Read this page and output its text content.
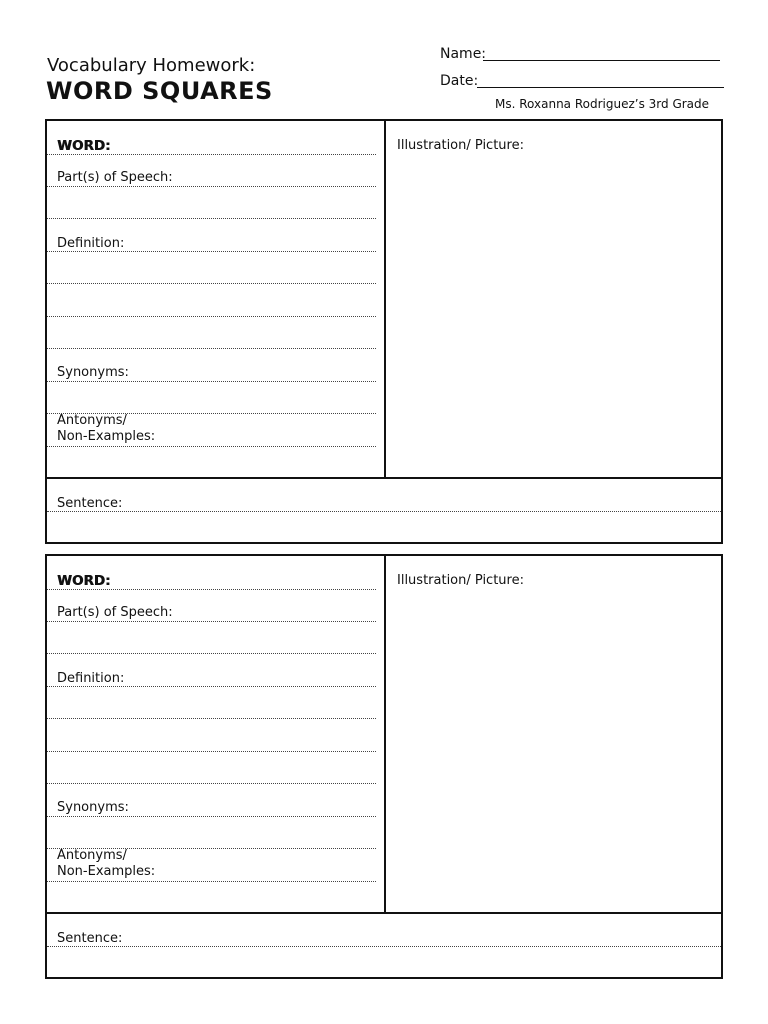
Vocabulary Homework:
WORD SQUARES
Name:
Date:
Ms. Roxanna Rodriguez’s 3rd Grade
WORD:
Part(s) of Speech:
Definition:
Synonyms:
Antonyms/
Non-Examples:
Illustration/ Picture:
Sentence:
WORD:
Part(s) of Speech:
Definition:
Synonyms:
Antonyms/
Non-Examples:
Illustration/ Picture:
Sentence:
